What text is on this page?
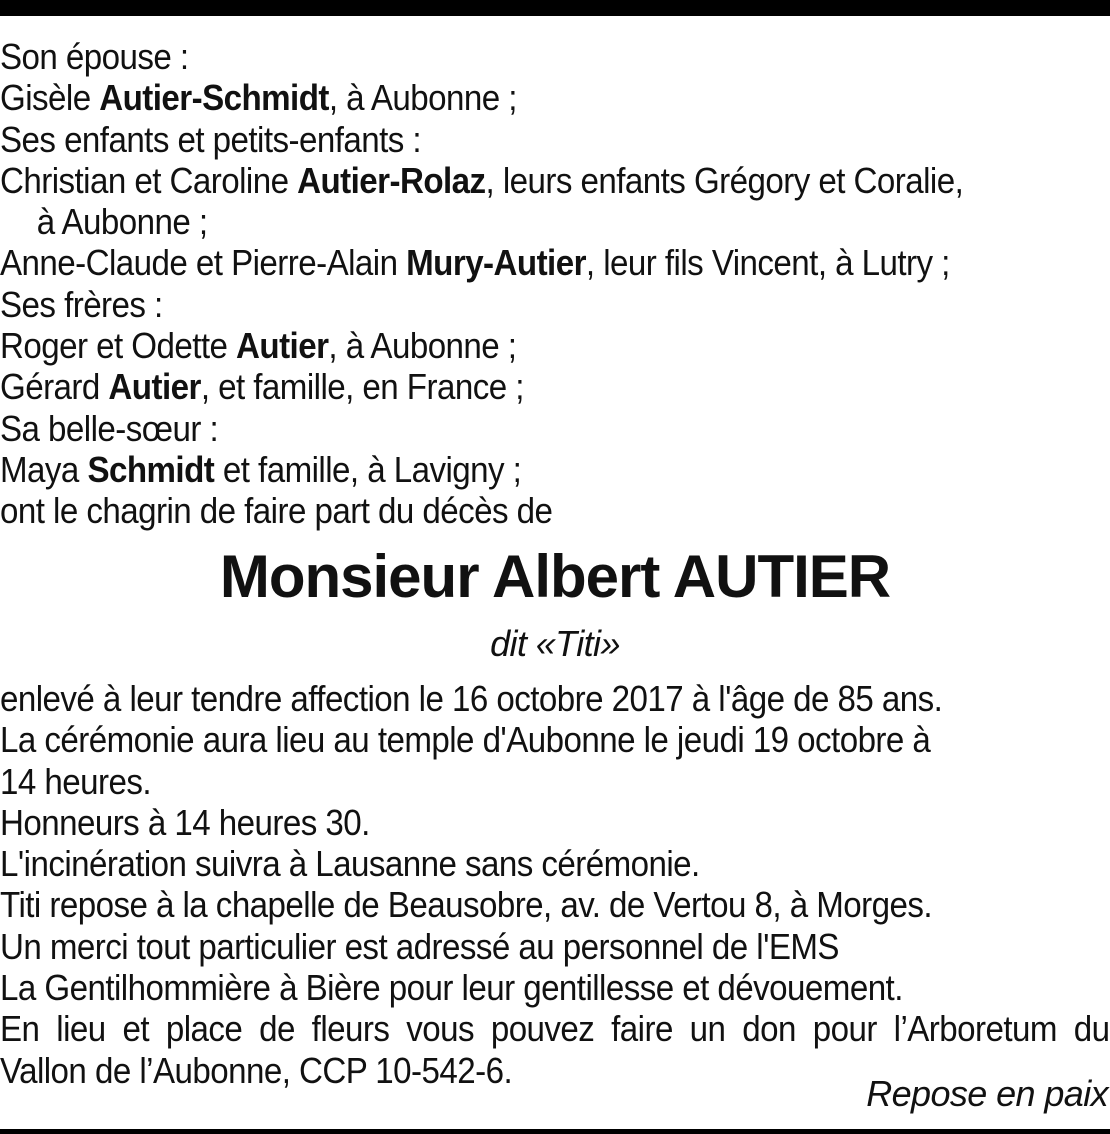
Son épouse :
Gisèle Autier-Schmidt, à Aubonne ;
Ses enfants et petits-enfants :
Christian et Caroline Autier-Rolaz, leurs enfants Grégory et Coralie,
à Aubonne ;
Anne-Claude et Pierre-Alain Mury-Autier, leur fils Vincent, à Lutry ;
Ses frères :
Roger et Odette Autier, à Aubonne ;
Gérard Autier, et famille, en France ;
Sa belle-sœur :
Maya Schmidt et famille, à Lavigny ;
ont le chagrin de faire part du décès de
Monsieur Albert AUTIER
dit «Titi»
enlevé à leur tendre affection le 16 octobre 2017 à l'âge de 85 ans.
La cérémonie aura lieu au temple d'Aubonne le jeudi 19 octobre à
14 heures.
Honneurs à 14 heures 30.
L'incinération suivra à Lausanne sans cérémonie.
Titi repose à la chapelle de Beausobre, av. de Vertou 8, à Morges.
Un merci tout particulier est adressé au personnel de l'EMS
La Gentilhommière à Bière pour leur gentillesse et dévouement.
En lieu et place de fleurs vous pouvez faire un don pour l’Arboretum du
Vallon de l’Aubonne, CCP 10-542-6.
Repose en paix
